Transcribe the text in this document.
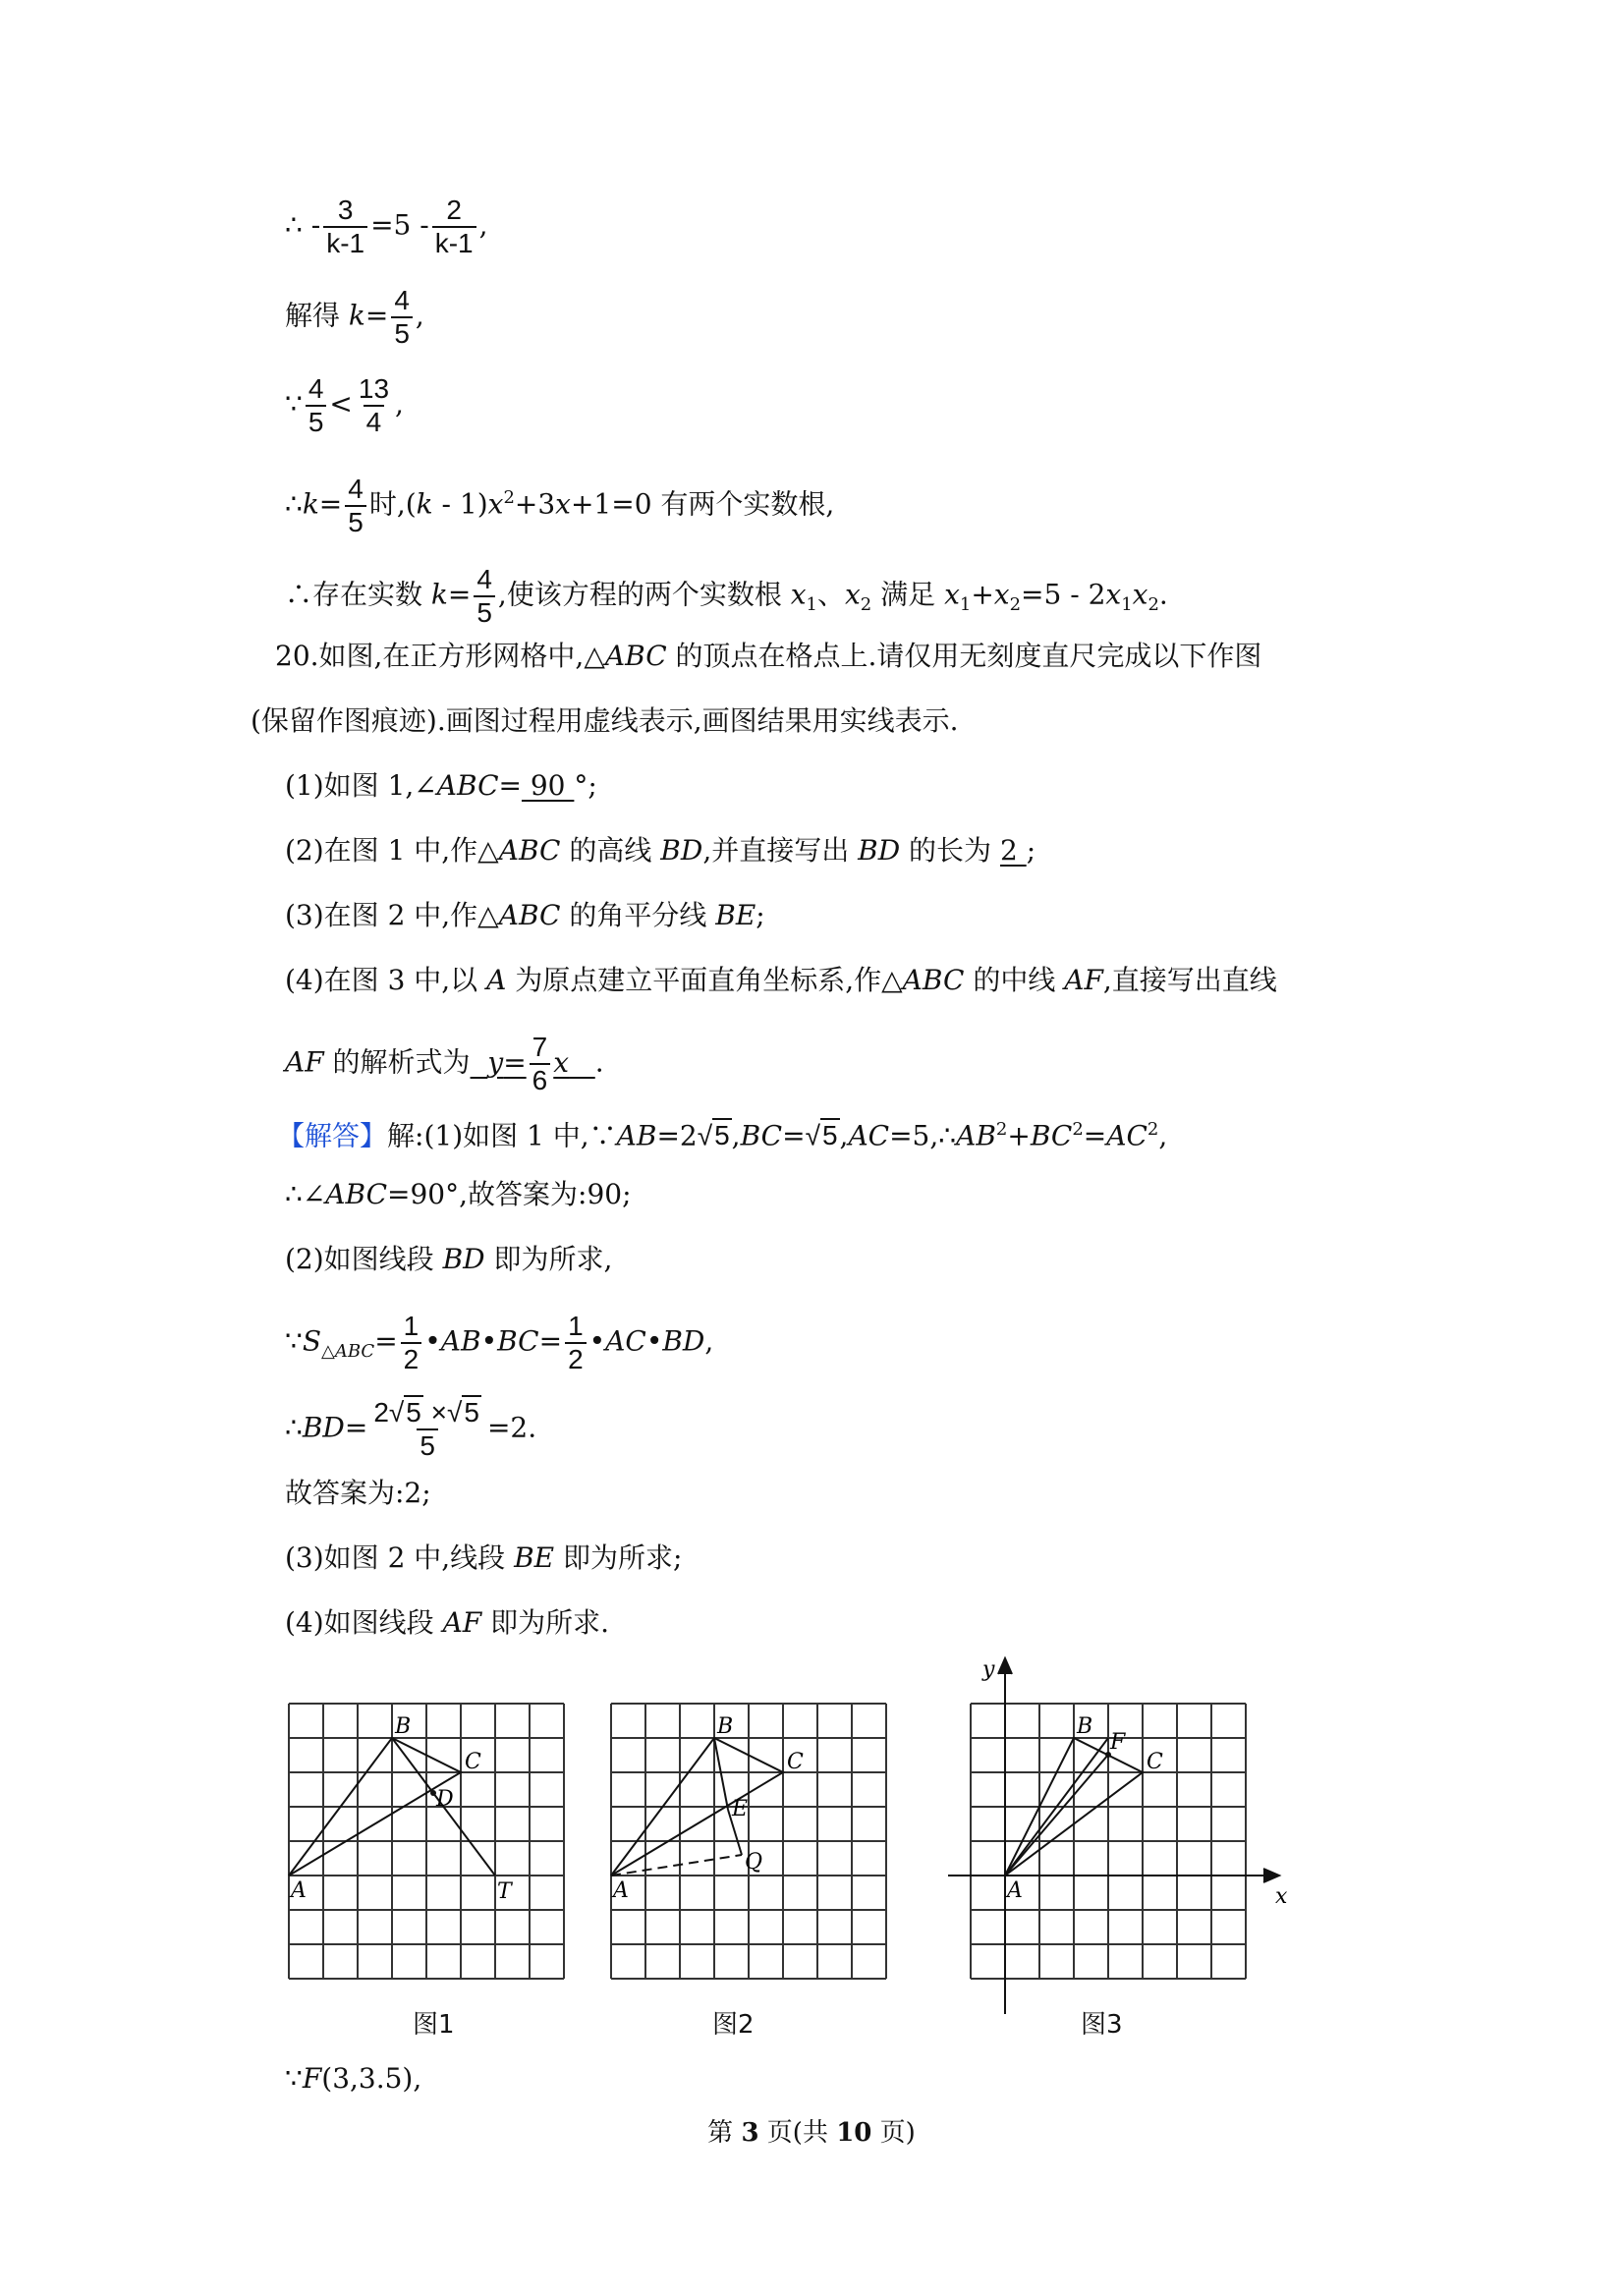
∴ - $\frac{3}{k-1} =5 - \frac{2}{k-1}$ ,
解得 $k= \frac{4}{5}$ ,
∵ $\frac{4}{5} < \frac{13}{4}$ ,
∴k= $\frac{4}{5}$ 时$,(k - 1)x^2+3x+1=0$ 有两个实数根,
∴存在实数 $k= \frac{4}{5}$ ,使该方程的两个实数根 $x_1$、$x_2$ 满足 $x_1+x_2=5 - 2x_1x_2$.
20.如图,在正方形网格中,△ABC 的顶点在格点上.请仅用无刻度直尺完成以下作图
(保留作图痕迹).画图过程用虚线表示,画图结果用实线表示.
(1)如图 1,∠ABC= 90 °;
(2)在图 1 中,作△ABC 的高线 BD,并直接写出 BD 的长为 2 ;
(3)在图 2 中,作△ABC 的角平分线 BE;
(4)在图 3 中,以 A 为原点建立平面直角坐标系,作△ABC 的中线 AF,直接写出直线
AF 的解析式为 $y= \frac{7}{6}$ x .
【解答】解:(1)如图 1 中$,\because AB=2√5,BC=√5,AC=5,\therefore AB^2+BC^2=AC^2$,
∴∠ABC=90°,故答案为:90;
(2)如图线段 BD 即为所求,
$\because S_{\triangle ABC}= \frac{1}{2}$ •AB•BC= $\frac{1}{2}$ •AC•BD,
∴BD= $\frac{2√5 \times√5}{5} =2$.
故答案为:2;
(3)如图 2 中,线段 BE 即为所求;
(4)如图线段 AF 即为所求.
A
B
C
D
T
图1
A
B
C
E
Q
图2
y
x
A
B
C
F
图3
∵F(3,3.5),
第 3 页(共 10 页)
